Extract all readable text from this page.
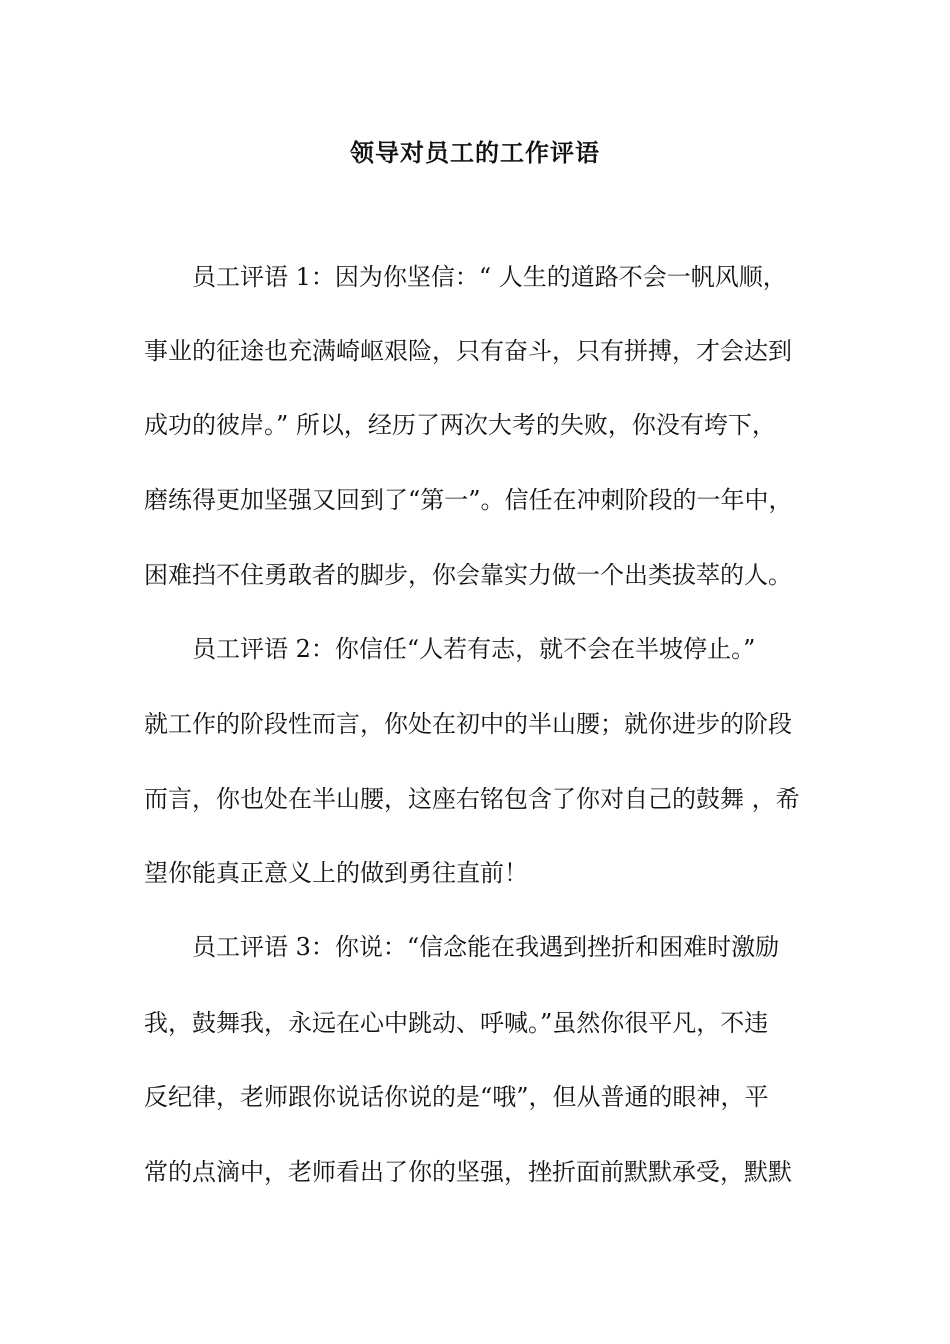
领导对员工的工作评语
员工评语 1：因为你坚信：“ 人生的道路不会一帆风顺，
事业的征途也充满崎岖艰险，只有奋斗，只有拼搏，才会达到
成功的彼岸。” 所以，经历了两次大考的失败，你没有垮下，
磨练得更加坚强又回到了“第一”。信任在冲刺阶段的一年中，
困难挡不住勇敢者的脚步，你会靠实力做一个出类拔萃的人。
员工评语 2：你信任“人若有志，就不会在半坡停止。”
就工作的阶段性而言，你处在初中的半山腰；就你进步的阶段
而言，你也处在半山腰，这座右铭包含了你对自己的鼓舞 ，希
望你能真正意义上的做到勇往直前！
员工评语 3：你说：“信念能在我遇到挫折和困难时激励
我，鼓舞我，永远在心中跳动、呼喊。”虽然你很平凡，不违
反纪律，老师跟你说话你说的是“哦”，但从普通的眼神，平
常的点滴中，老师看出了你的坚强，挫折面前默默承受，默默
